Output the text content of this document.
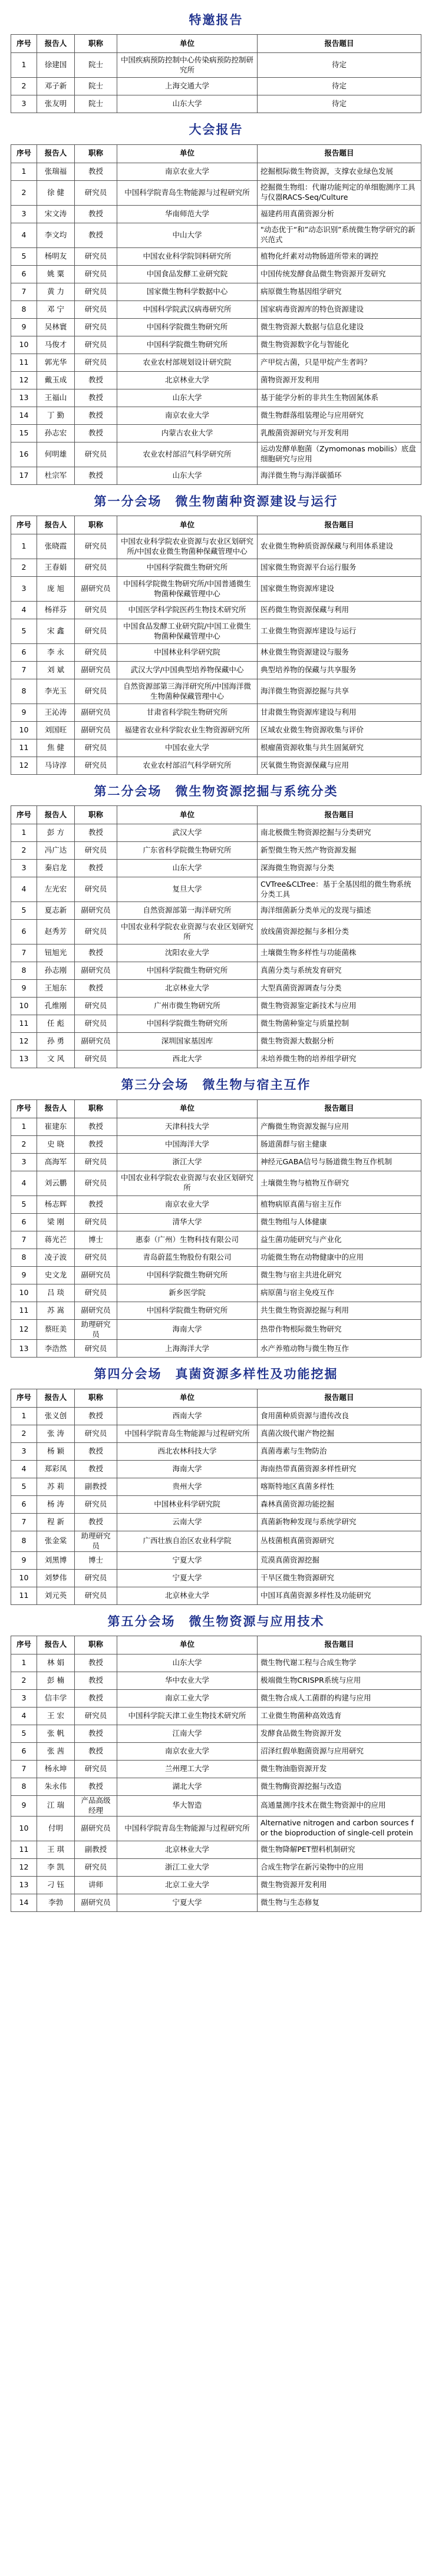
特邀报告
序号	报告人	职称	单位	报告题目
1	徐建国	院士	中国疾病预防控制中心传染病预防控制研究所	待定
2	邓子新	院士	上海交通大学	待定
3	张友明	院士	山东大学	待定
大会报告
序号	报告人	职称	单位	报告题目
1	张瑞福	教授	南京农业大学	挖掘根际微生物资源，支撑农业绿色发展
2	徐 健	研究员	中国科学院青岛生物能源与过程研究所	挖掘微生物组：代谢功能判定的单细胞测序工具与仪器RACS-Seq/Culture
3	宋文涛	教授	华南师范大学	福建药用真菌资源分析
4	李文均	教授	中山大学	"动态优于“和”动态识别”系统微生物学研究的新兴范式
5	杨明友	研究员	中国农业科学院饲料研究所	植物化纤素对动物肠道所带来的调控
6	姚 粟	研究员	中国食品发酵工业研究院	中国传统发酵食品微生物资源开发研究
7	黄 力	研究员	国家微生物科学数据中心	病原微生物基因组学研究
8	邓 宁	研究员	中国科学院武汉病毒研究所	国家病毒资源库的特色资源建设
9	吴林寰	研究员	中国科学院微生物研究所	微生物资源大数据与信息化建设
10	马俊才	研究员	中国科学院微生物研究所	微生物资源数字化与智能化
11	郭光华	研究员	农业农村部规划设计研究院	产甲烷古菌，只是甲烷产生者吗？
12	戴玉成	教授	北京林业大学	菌物资源开发利用
13	王福山	教授	山东大学	基于能学分析的非共生生物固氮体系
14	丁 勤	教授	南京农业大学	微生物群落组装理论与应用研究
15	孙志宏	教授	内蒙古农业大学	乳酸菌资源研究与开发利用
16	何明雄	研究员	农业农村部沼气科学研究所	运动发酵单胞菌（Zymomonas mobilis）底盘细胞研究与应用
17	杜宗军	教授	山东大学	海洋微生物与海洋碳循环
第一分会场　微生物菌种资源建设与运行
序号	报告人	职称	单位	报告题目
1	张晓霞	研究员	中国农业科学院农业资源与农业区划研究所/中国农业微生物菌种保藏管理中心	农业微生物种质资源保藏与利用体系建设
2	王春娟	研究员	中国科学院微生物研究所	国家微生物资源平台运行服务
3	庞 旭	副研究员	中国科学院微生物研究所/中国普通微生物菌种保藏管理中心	国家微生物资源库建设
4	杨祥芬	研究员	中国医学科学院医药生物技术研究所	医药微生物资源保藏与利用
5	宋 鑫	研究员	中国食品发酵工业研究院/中国工业微生物菌种保藏管理中心	工业微生物资源库建设与运行
6	李 永	研究员	中国林业科学研究院	林业微生物资源建设与服务
7	刘 斌	副研究员	武汉大学/中国典型培养物保藏中心	典型培养物的保藏与共享服务
8	李光玉	研究员	自然资源部第三海洋研究所/中国海洋微生物菌种保藏管理中心	海洋微生物资源挖掘与共享
9	王沁涛	副研究员	甘肃省科学院生物研究所	甘肃微生物资源库建设与利用
10	刘国旺	副研究员	福建省农业科学院农业生物资源研究所	区域农业微生物资源收集与评价
11	焦 健	研究员	中国农业大学	根瘤菌资源收集与共生固氮研究
12	马诗淳	研究员	农业农村部沼气科学研究所	厌氧微生物资源保藏与应用
第二分会场　微生物资源挖掘与系统分类
序号	报告人	职称	单位	报告题目
1	彭 方	教授	武汉大学	南北极微生物资源挖掘与分类研究
2	冯广达	研究员	广东省科学院微生物研究所	新型微生物天然产物资源发掘
3	秦启龙	教授	山东大学	深海微生物资源与分类
4	左光宏	研究员	复旦大学	CVTree&CLTree：基于全基因组的微生物系统分类工具
5	夏志新	副研究员	自然资源部第一海洋研究所	海洋细菌新分类单元的发现与描述
6	赵秀芳	研究员	中国农业科学院农业资源与农业区划研究所	放线菌资源挖掘与多相分类
7	钮旭光	教授	沈阳农业大学	土壤微生物多样性与功能菌株
8	孙志刚	副研究员	中国科学院微生物研究所	真菌分类与系统发育研究
9	王旭东	教授	北京林业大学	大型真菌资源调查与分类
10	孔维刚	研究员	广州市微生物研究所	微生物资源鉴定新技术与应用
11	任 彪	研究员	中国科学院微生物研究所	微生物菌种鉴定与质量控制
12	孙 勇	副研究员	深圳国家基因库	微生物资源大数据分析
13	文 风	研究员	西北大学	未培养微生物的培养组学研究
第三分会场　微生物与宿主互作
序号	报告人	职称	单位	报告题目
1	崔建东	教授	天津科技大学	产酶微生物资源发掘与应用
2	史 晓	教授	中国海洋大学	肠道菌群与宿主健康
3	高海军	研究员	浙江大学	神经元GABA信号与肠道微生物互作机制
4	刘云鹏	研究员	中国农业科学院农业资源与农业区划研究所	土壤微生物与植物互作研究
5	杨志辉	教授	南京农业大学	植物病原真菌与宿主互作
6	梁 刚	研究员	清华大学	微生物组与人体健康
7	蒋光芒	博士	惠泰（广州）生物科技有限公司	益生菌功能研究与产业化
8	凌子波	研究员	青岛蔚蓝生物股份有限公司	功能微生物在动物健康中的应用
9	史文龙	副研究员	中国科学院微生物研究所	微生物与宿主共进化研究
10	吕 琰	研究员	新乡医学院	病原菌与宿主免疫互作
11	苏 嵩	副研究员	中国科学院微生物研究所	共生微生物资源挖掘与利用
12	蔡旺美	助理研究员	海南大学	热带作物根际微生物研究
13	李浩然	研究员	上海海洋大学	水产养殖动物与微生物互作
第四分会场　真菌资源多样性及功能挖掘
序号	报告人	职称	单位	报告题目
1	张义创	教授	西南大学	食用菌种质资源与遗传改良
2	张 涛	研究员	中国科学院青岛生物能源与过程研究所	真菌次级代谢产物挖掘
3	杨 颖	教授	西北农林科技大学	真菌毒素与生物防治
4	郑彩凤	教授	海南大学	海南热带真菌资源多样性研究
5	苏 莉	副教授	贵州大学	喀斯特地区真菌多样性
6	杨 涛	研究员	中国林业科学研究院	森林真菌资源功能挖掘
7	程 新	教授	云南大学	真菌新物种发现与系统学研究
8	张金棠	助理研究员	广西壮族自治区农业科学院	丛枝菌根真菌资源研究
9	刘黑博	博士	宁夏大学	荒漠真菌资源挖掘
10	刘梦伟	研究员	宁夏大学	干旱区微生物资源研究
11	刘元英	研究员	北京林业大学	中国耳真菌资源多样性及功能研究
第五分会场　微生物资源与应用技术
序号	报告人	职称	单位	报告题目
1	林 娟	教授	山东大学	微生物代谢工程与合成生物学
2	彭 楠	教授	华中农业大学	极端微生物CRISPR系统与应用
3	信丰学	教授	南京工业大学	微生物合成人工菌群的构建与应用
4	王 宏	研究员	中国科学院天津工业生物技术研究所	工业微生物菌种高效选育
5	张 帆	教授	江南大学	发酵食品微生物资源开发
6	张 茜	教授	南京农业大学	沼泽红假单胞菌资源与应用研究
7	杨永坤	研究员	兰州理工大学	微生物油脂资源开发
8	朱永伟	教授	湖北大学	微生物酶资源挖掘与改造
9	江 瑞	产品高级经理	华大智造	高通量测序技术在微生物资源中的应用
10	付明	副研究员	中国科学院青岛生物能源与过程研究所	Alternative nitrogen and carbon sources for the bioproduction of single-cell protein
11	王 琪	副教授	北京林业大学	微生物降解PET塑料机制研究
12	李 凯	研究员	浙江工业大学	合成生物学在新污染物中的应用
13	刁 钰	讲师	北京工业大学	微生物资源开发利用
14	李勃	副研究员	宁夏大学	微生物与生态修复
